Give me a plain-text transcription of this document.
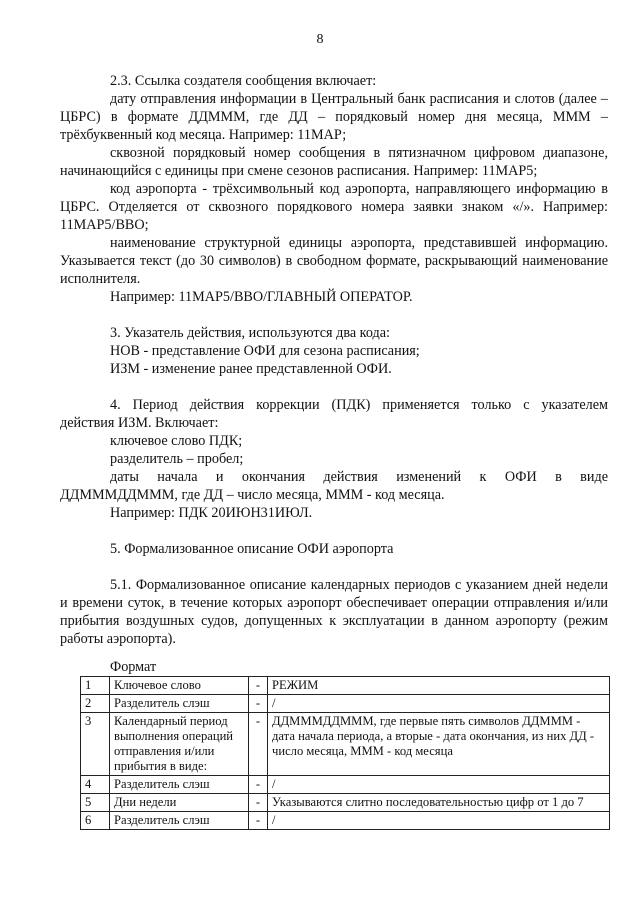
8

2.3. Ссылка создателя сообщения включает:

дату отправления информации в Центральный банк расписания и слотов (далее – ЦБРС) в формате ДДМММ, где ДД – порядковый номер дня месяца, МММ – трёхбуквенный код месяца. Например: 11МАР;

сквозной порядковый номер сообщения в пятизначном цифровом диапазоне, начинающийся с единицы при смене сезонов расписания. Например: 11МАР5;

код аэропорта - трёхсимвольный код аэропорта, направляющего информацию в ЦБРС. Отделяется от сквозного порядкового номера заявки знаком «/». Например: 11МАР5/ВВО;

наименование структурной единицы аэропорта, представившей информацию. Указывается текст (до 30 символов) в свободном формате, раскрывающий наименование исполнителя.

Например: 11МАР5/ВВО/ГЛАВНЫЙ ОПЕРАТОР.

3. Указатель действия, используются два кода:

НОВ - представление ОФИ для сезона расписания;

ИЗМ - изменение ранее представленной ОФИ.

4. Период действия коррекции (ПДК) применяется только с указателем

действия ИЗМ. Включает:

ключевое слово ПДК;

разделитель – пробел;

даты начала и окончания действия изменений к ОФИ в виде

ДДМММДДМММ, где ДД – число месяца, МММ - код месяца.

Например: ПДК 20ИЮН31ИЮЛ.

5. Формализованное описание ОФИ аэропорта

5.1. Формализованное описание календарных периодов с указанием дней недели и времени суток, в течение которых аэропорт обеспечивает операции отправления и/или прибытия воздушных судов, допущенных к эксплуатации в данном аэропорту (режим работы аэропорта).

Формат

1	Ключевое слово	-	РЕЖИМ
2	Разделитель слэш	-	/
3	Календарный период выполнения операций отправления и/или прибытия в виде:	-	ДДМММДДМММ, где первые пять символов ДДМММ - дата начала периода, а вторые - дата окончания, из них ДД - число месяца, МММ - код месяца
4	Разделитель слэш	-	/
5	Дни недели	-	Указываются слитно последовательностью цифр от 1 до 7
6	Разделитель слэш	-	/
